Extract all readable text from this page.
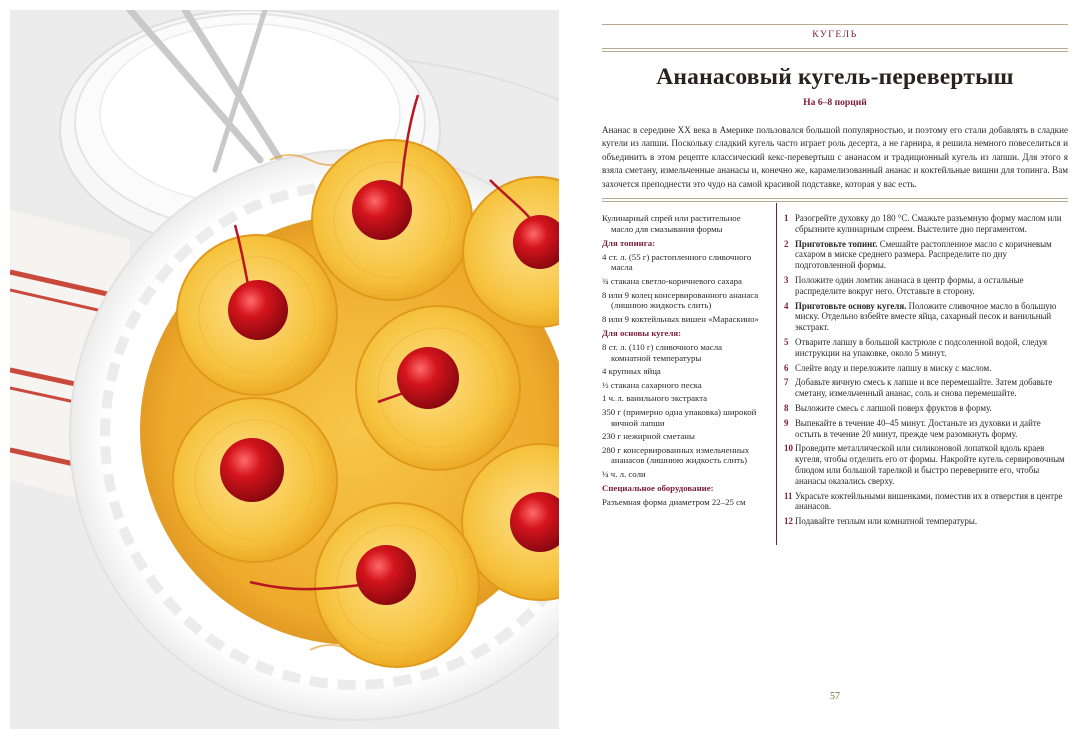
КУГЕЛЬ
Ананасовый кугель-перевертыш
На 6–8 порций
Ананас в середине XX века в Америке пользовался большой популярностью, и поэтому его стали добавлять в сладкие кугели из лапши. Поскольку сладкий кугель часто играет роль десерта, а не гарнира, я решила немного повеселиться и объединить в этом рецепте классический кекс-перевертыш с ананасом и традиционный кугель из лапши. Для этого я взяла сметану, измельченные ананасы и, конечно же, карамелизованный ананас и коктейльные вишни для топинга. Вам захочется преподнести это чудо на самой красивой подставке, которая у вас есть.
Кулинарный спрей или растительное масло для смазывания формы
Для топинга:
4 ст. л. (55 г) растопленного сливочного масла
¾ стакана светло-коричневого сахара
8 или 9 колец консервированного ананаса (лишнюю жидкость слить)
8 или 9 коктейльных вишен «Мараскино»
Для основы кугеля:
8 ст. л. (110 г) сливочного масла комнатной температуры
4 крупных яйца
½ стакана сахарного песка
1 ч. л. ванильного экстракта
350 г (примерно одна упаковка) широкой яичной лапши
230 г нежирной сметаны
280 г консервированных измельченных ананасов (лишнюю жидкость слить)
¼ ч. л. соли
Специальное оборудование:
Разъемная форма диаметром 22–25 см
1 Разогрейте духовку до 180 °C. Смажьте разъемную форму маслом или сбрызните кулинарным спреем. Выстелите дно пергаментом.
2 Приготовьте топинг. Смешайте растопленное масло с коричневым сахаром в миске среднего размера. Распределите по дну подготовленной формы.
3 Положите один ломтик ананаса в центр формы, а остальные распределите вокруг него. Отставьте в сторону.
4 Приготовьте основу кугеля. Положите сливочное масло в большую миску. Отдельно взбейте вместе яйца, сахарный песок и ванильный экстракт.
5 Отварите лапшу в большой кастрюле с подсоленной водой, следуя инструкции на упаковке, около 5 минут.
6 Слейте воду и переложите лапшу в миску с маслом.
7 Добавьте яичную смесь к лапше и все перемешайте. Затем добавьте сметану, измельченный ананас, соль и снова перемешайте.
8 Выложите смесь с лапшой поверх фруктов в форму.
9 Выпекайте в течение 40–45 минут. Достаньте из духовки и дайте остыть в течение 20 минут, прежде чем разомкнуть форму.
10 Проведите металлической или силиконовой лопаткой вдоль краев кугеля, чтобы отделить его от формы. Накройте кугель сервировочным блюдом или большой тарелкой и быстро переверните его, чтобы ананасы оказались сверху.
11 Украсьте коктейльными вишенками, поместив их в отверстия в центре ананасов.
12 Подавайте теплым или комнатной температуры.
57
